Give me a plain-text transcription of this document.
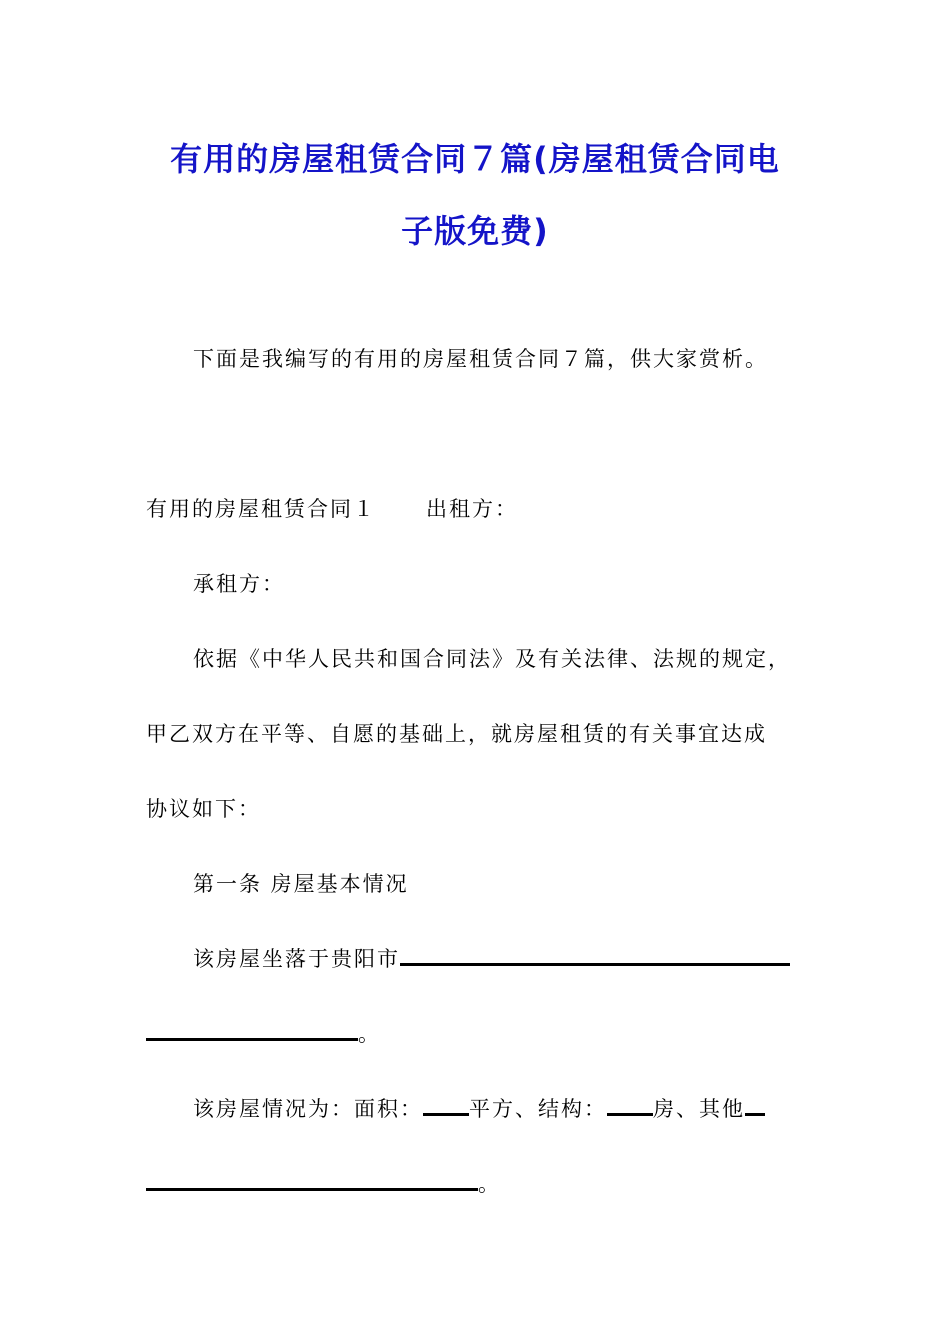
有用的房屋租赁合同７篇(房屋租赁合同电
子版免费)
下面是我编写的有用的房屋租赁合同７篇，供大家赏析。
有用的房屋租赁合同１ 出租方：
承租方：
依据《中华人民共和国合同法》及有关法律、法规的规定，
甲乙双方在平等、自愿的基础上，就房屋租赁的有关事宜达成
协议如下：
第一条 房屋基本情况
该房屋坐落于贵阳市
。
该房屋情况为：面积： 平方、结构： 房、其他
。
